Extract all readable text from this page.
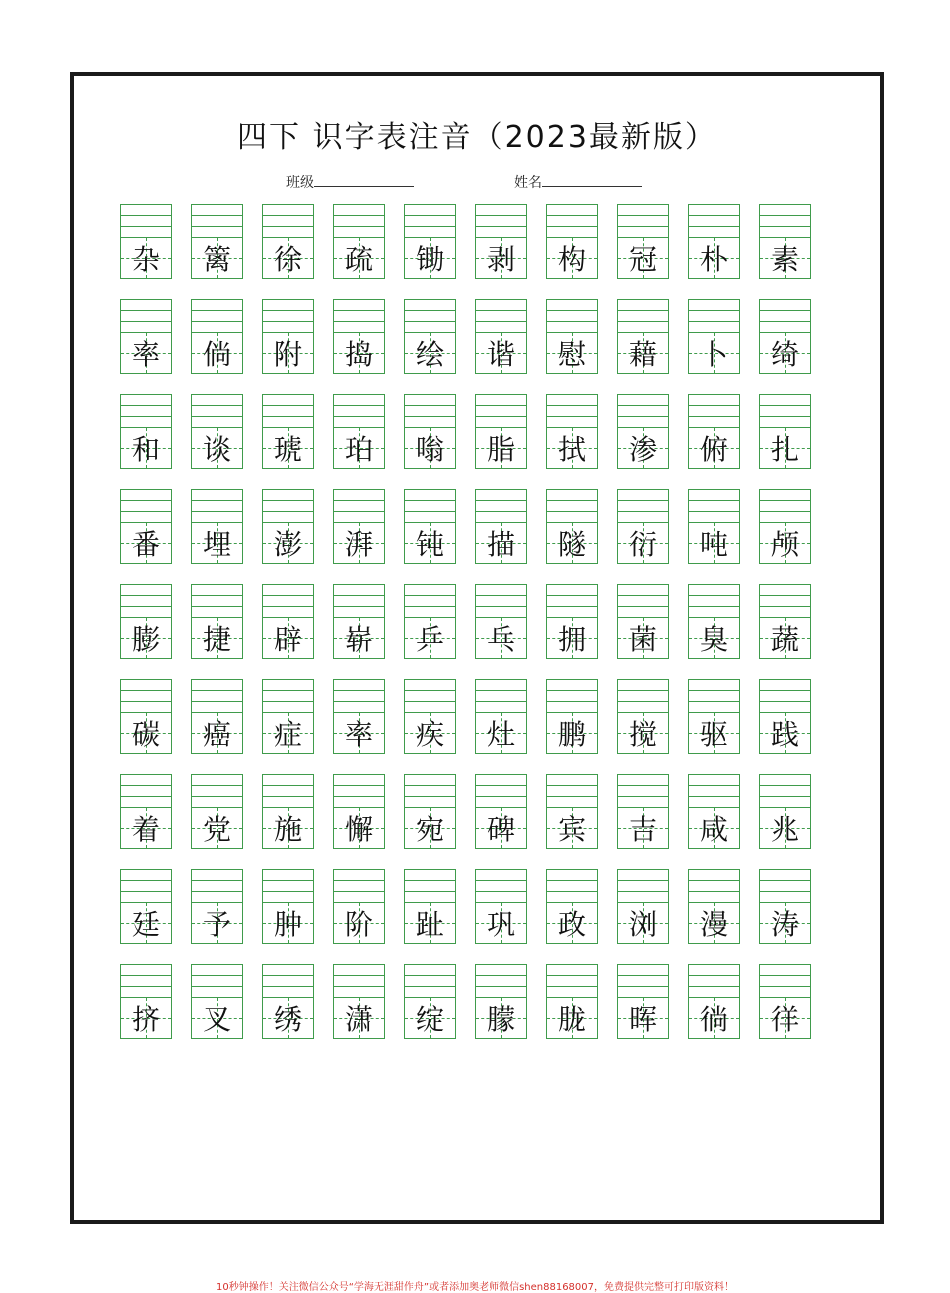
四下 识字表注音（2023最新版）
班级	姓名
杂	篱	徐	疏	锄	剥	构	冠	朴	素
率	倘	附	捣	绘	谐	慰	藉	卜	绮
和	谈	琥	珀	嗡	脂	拭	渗	俯	扎
番	埋	澎	湃	钝	描	隧	衍	吨	颅
膨	捷	辟	崭	乒	乓	拥	菌	臭	蔬
碳	癌	症	率	疾	灶	鹏	搅	驱	践
着	党	施	懈	宛	碑	宾	吉	咸	兆
廷	予	肿	阶	趾	巩	政	浏	漫	涛
挤	叉	绣	潇	绽	朦	胧	晖	徜	徉
10秒钟操作！关注微信公众号“学海无涯甜作舟”或者添加奥老师微信shen88168007，免费提供完整可打印版资料！
